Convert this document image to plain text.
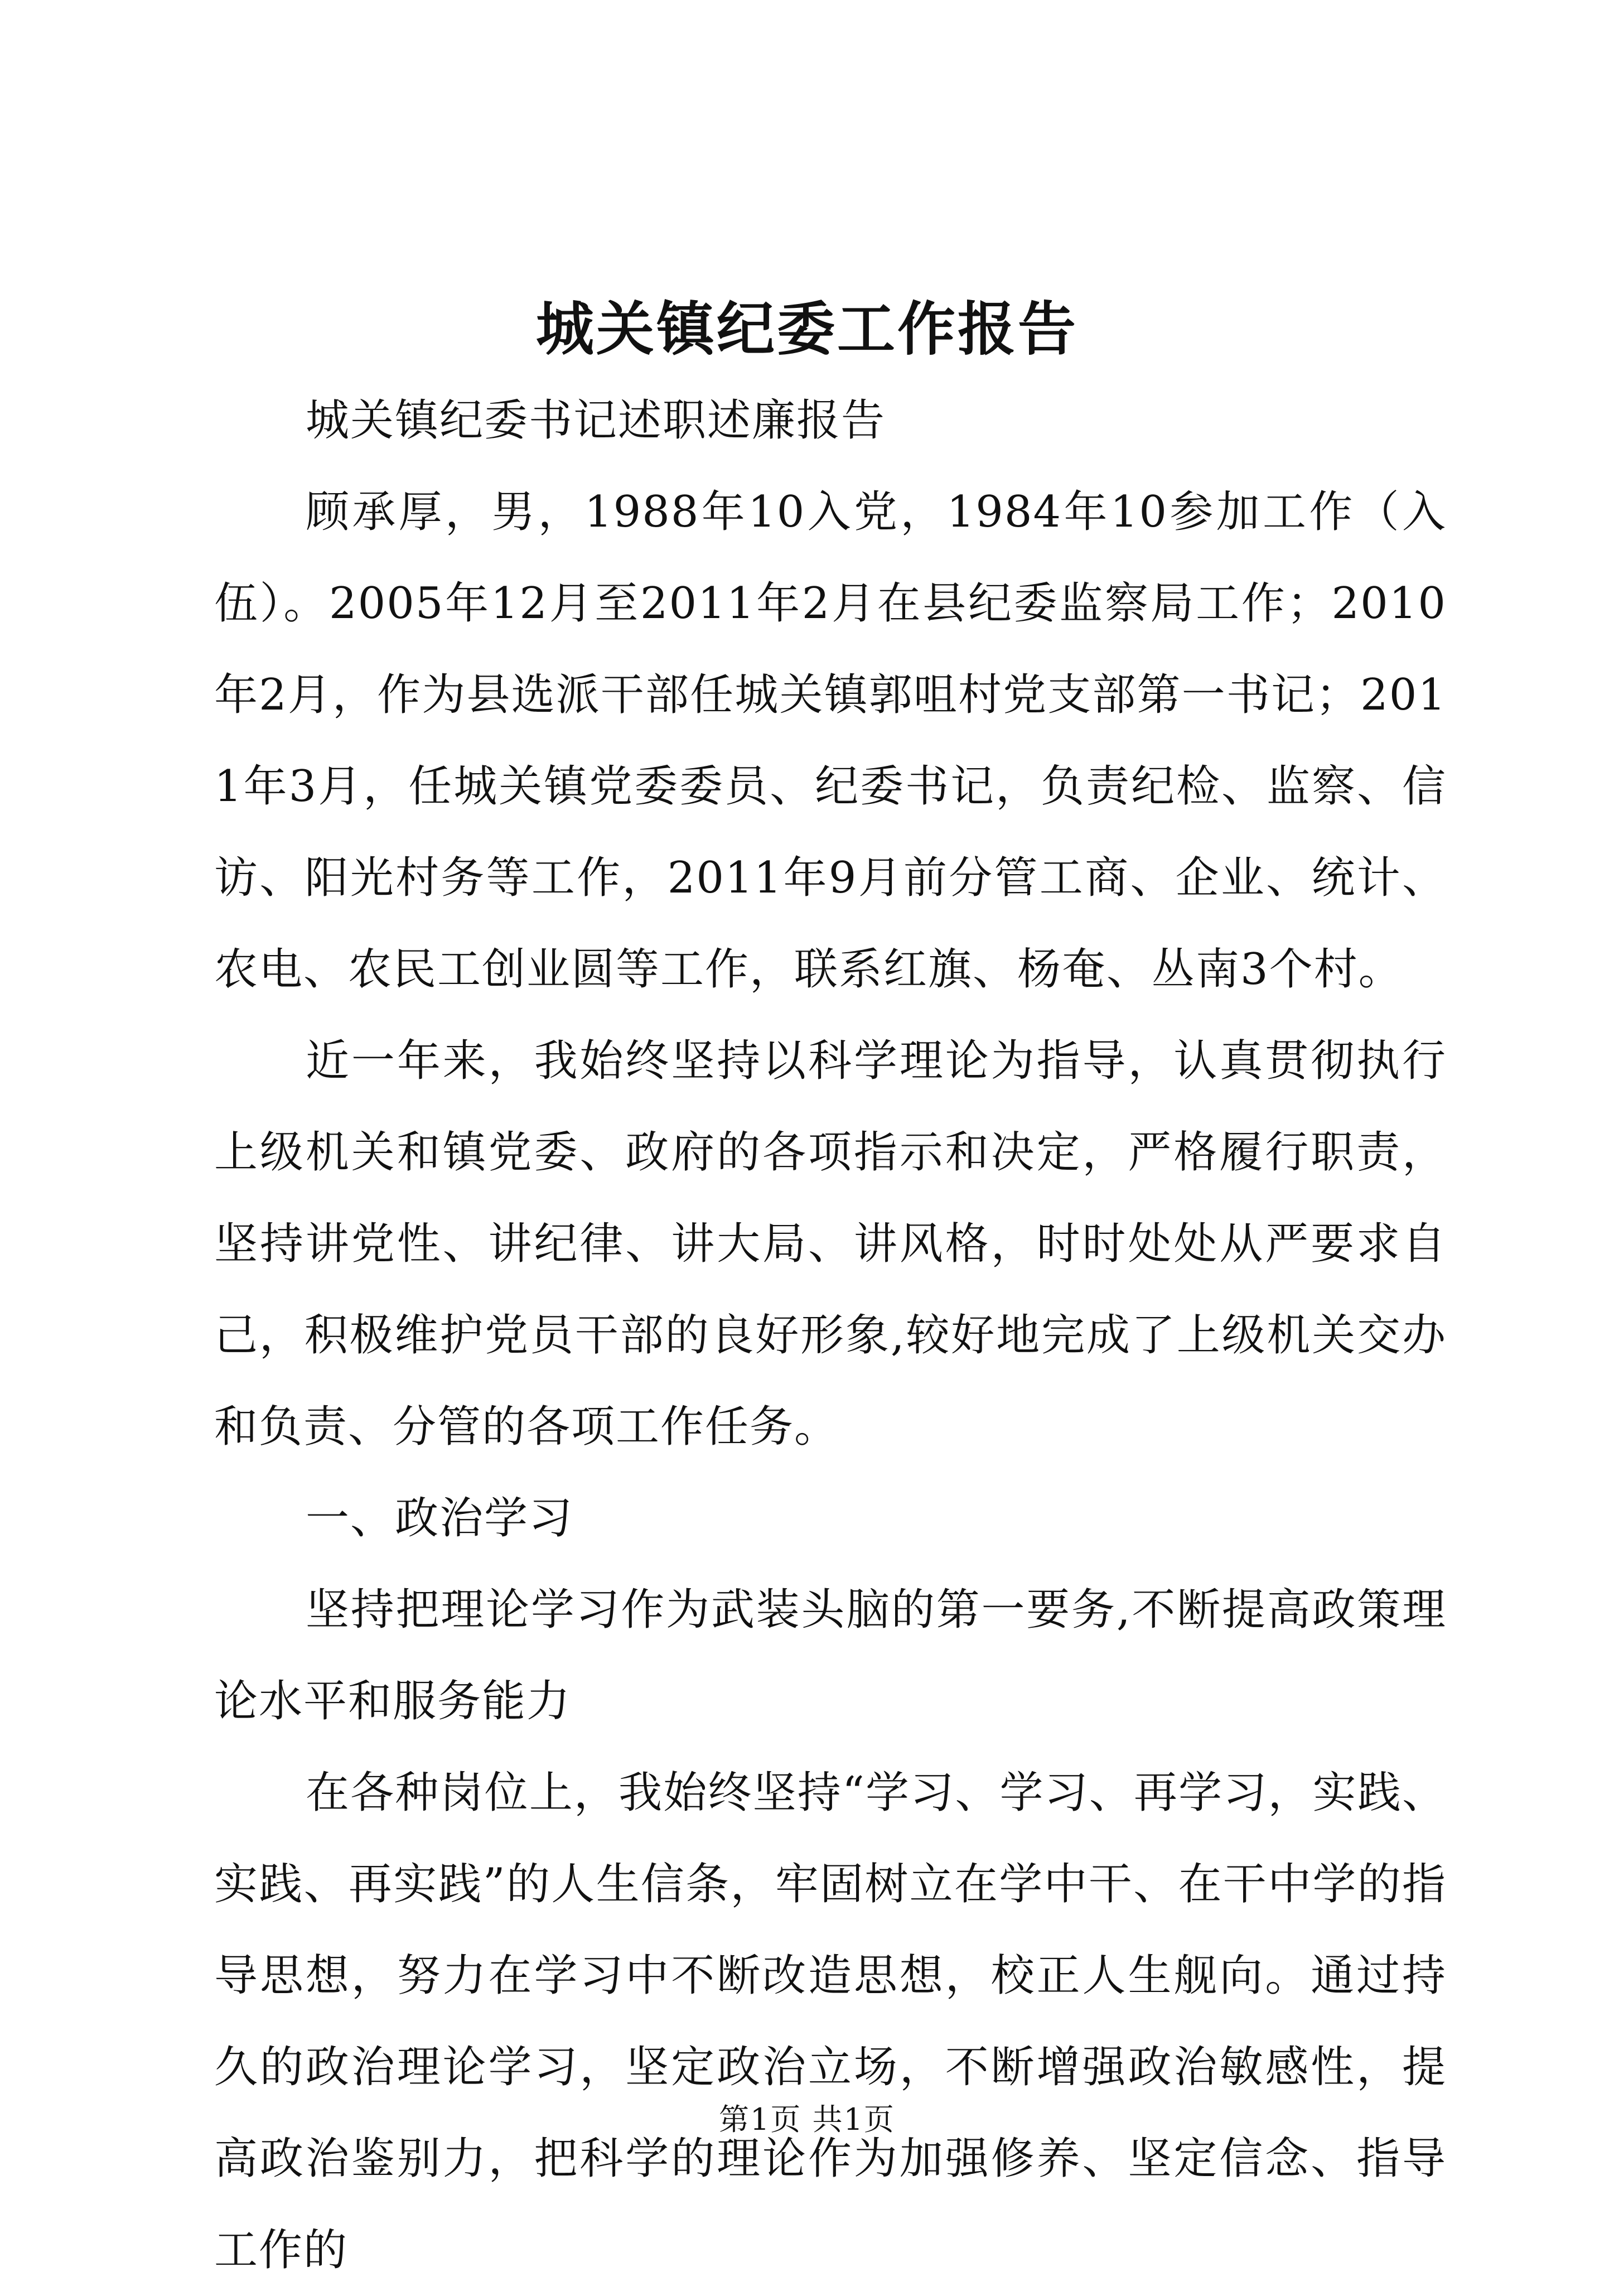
城关镇纪委工作报告

城关镇纪委书记述职述廉报告

顾承厚，男，1988年10入党，1984年10参加工作（入伍）。2005年12月至2011年2月在县纪委监察局工作；2010年2月，作为县选派干部任城关镇郭咀村党支部第一书记；2011年3月，任城关镇党委委员、纪委书记，负责纪检、监察、信访、阳光村务等工作，2011年9月前分管工商、企业、统计、农电、农民工创业圆等工作，联系红旗、杨奄、丛南3个村。

近一年来，我始终坚持以科学理论为指导，认真贯彻执行上级机关和镇党委、政府的各项指示和决定，严格履行职责，坚持讲党性、讲纪律、讲大局、讲风格，时时处处从严要求自己，积极维护党员干部的良好形象,较好地完成了上级机关交办和负责、分管的各项工作任务。

一、政治学习

坚持把理论学习作为武装头脑的第一要务,不断提高政策理论水平和服务能力

在各种岗位上，我始终坚持“学习、学习、再学习，实践、实践、再实践”的人生信条，牢固树立在学中干、在干中学的指导思想，努力在学习中不断改造思想，校正人生舰向。通过持久的政治理论学习，坚定政治立场，不断增强政治敏感性，提高政治鉴别力，把科学的理论作为加强修养、坚定信念、指导工作的

第1页 共1页
